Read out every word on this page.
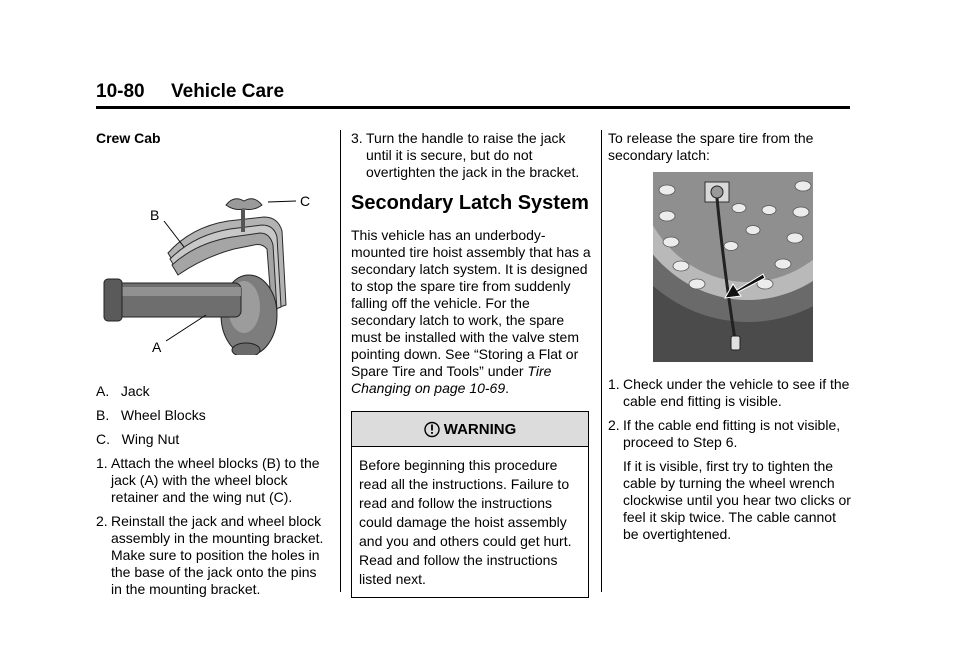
10-80 Vehicle Care
Crew Cab
B
C
A
A.   Jack
B.   Wheel Blocks
C.   Wing Nut
1. Attach the wheel blocks (B) to the jack (A) with the wheel block retainer and the wing nut (C).
2. Reinstall the jack and wheel block assembly in the mounting bracket. Make sure to position the holes in the base of the jack onto the pins in the mounting bracket.
3. Turn the handle to raise the jack until it is secure, but do not overtighten the jack in the bracket.
Secondary Latch System
This vehicle has an underbody-mounted tire hoist assembly that has a secondary latch system. It is designed to stop the spare tire from suddenly falling off the vehicle. For the secondary latch to work, the spare must be installed with the valve stem pointing down. See “Storing a Flat or Spare Tire and Tools” under Tire Changing on page 10-69.
WARNING
Before beginning this procedure read all the instructions. Failure to read and follow the instructions could damage the hoist assembly and you and others could get hurt. Read and follow the instructions listed next.
To release the spare tire from the secondary latch:
1. Check under the vehicle to see if the cable end fitting is visible.
2. If the cable end fitting is not visible, proceed to Step 6.
If it is visible, first try to tighten the cable by turning the wheel wrench clockwise until you hear two clicks or feel it skip twice. The cable cannot be overtightened.
